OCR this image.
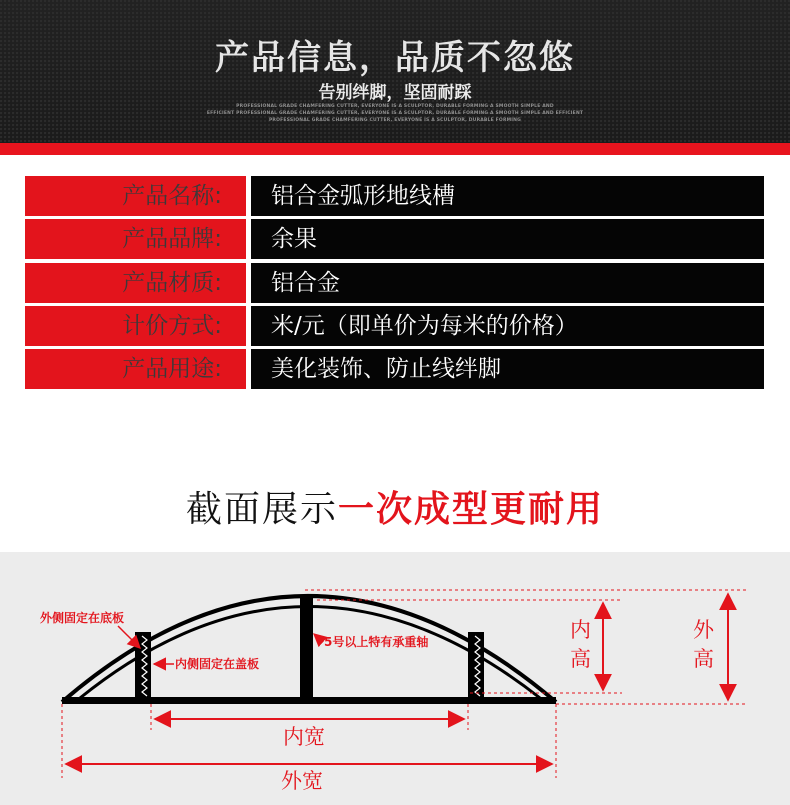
产品信息，品质不忽悠
告别绊脚，坚固耐踩
PROFESSIONAL GRADE CHAMFERING CUTTER, EVERYONE IS A SCULPTOR, DURABLE FORMING A SMOOTH SIMPLE AND
EFFICIENT PROFESSIONAL GRADE CHAMFERING CUTTER, EVERYONE IS A SCULPTOR, DURABLE FORMING A SMOOTH SIMPLE AND EFFICIENT
PROFESSIONAL GRADE CHAMFERING CUTTER, EVERYONE IS A SCULPTOR, DURABLE FORMING
产品名称:	铝合金弧形地线槽
产品品牌:	余果
产品材质:	铝合金
计价方式:	米/元（即单价为每米的价格）
产品用途:	美化装饰、防止线绊脚
截面展示一次成型更耐用
外侧固定在底板
内侧固定在盖板
5号以上特有承重轴	内
高
外
高
内宽
外宽
